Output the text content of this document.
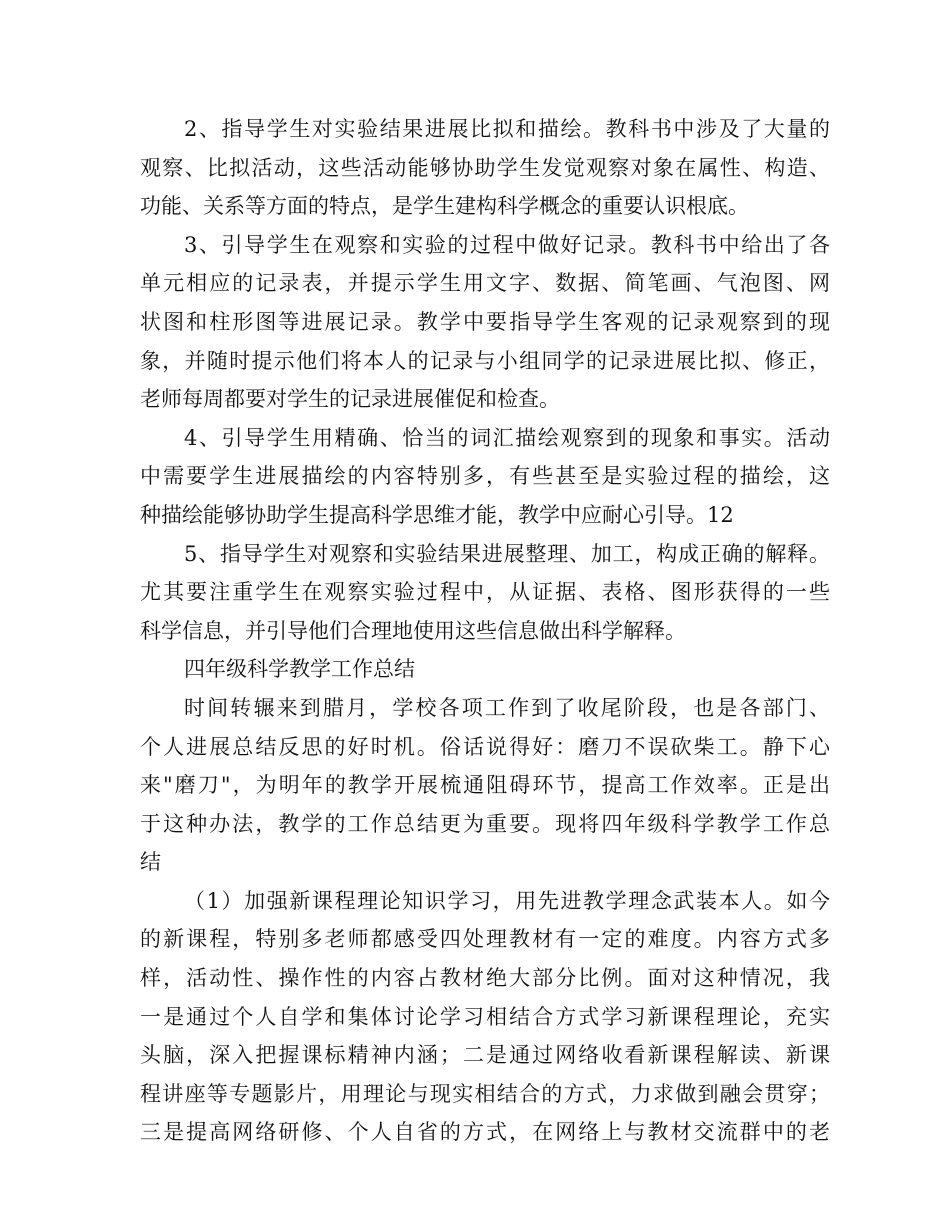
2、指导学生对实验结果进展比拟和描绘。教科书中涉及了大量的
观察、比拟活动，这些活动能够协助学生发觉观察对象在属性、构造、
功能、关系等方面的特点，是学生建构科学概念的重要认识根底。
3、引导学生在观察和实验的过程中做好记录。教科书中给出了各
单元相应的记录表，并提示学生用文字、数据、简笔画、气泡图、网
状图和柱形图等进展记录。教学中要指导学生客观的记录观察到的现
象，并随时提示他们将本人的记录与小组同学的记录进展比拟、修正，
老师每周都要对学生的记录进展催促和检查。
4、引导学生用精确、恰当的词汇描绘观察到的现象和事实。活动
中需要学生进展描绘的内容特别多，有些甚至是实验过程的描绘，这
种描绘能够协助学生提高科学思维才能，教学中应耐心引导。12
5、指导学生对观察和实验结果进展整理、加工，构成正确的解释。
尤其要注重学生在观察实验过程中，从证据、表格、图形获得的一些
科学信息，并引导他们合理地使用这些信息做出科学解释。
四年级科学教学工作总结
时间转辗来到腊月，学校各项工作到了收尾阶段，也是各部门、
个人进展总结反思的好时机。俗话说得好：磨刀不误砍柴工。静下心
来"磨刀"，为明年的教学开展梳通阻碍环节，提高工作效率。正是出
于这种办法，教学的工作总结更为重要。现将四年级科学教学工作总
结
（1）加强新课程理论知识学习，用先进教学理念武装本人。如今
的新课程，特别多老师都感受四处理教材有一定的难度。内容方式多
样，活动性、操作性的内容占教材绝大部分比例。面对这种情况，我
一是通过个人自学和集体讨论学习相结合方式学习新课程理论，充实
头脑，深入把握课标精神内涵；二是通过网络收看新课程解读、新课
程讲座等专题影片，用理论与现实相结合的方式，力求做到融会贯穿；
三是提高网络研修、个人自省的方式，在网络上与教材交流群中的老
